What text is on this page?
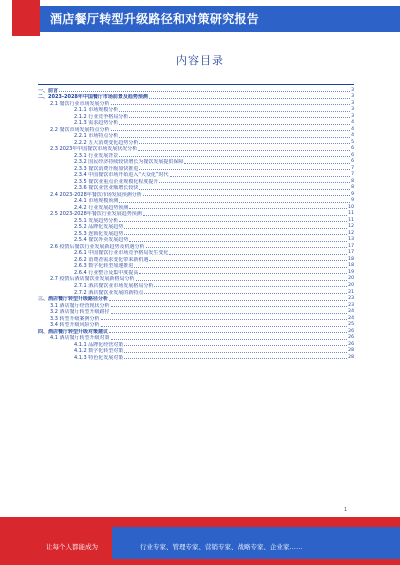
酒店餐厅转型升级路径和对策研究报告
内容目录
一、前言	3
二、2023-2028年中国餐厅市场前景及趋势预测	3
2.1 餐饮行业市场发展分析	3
2.1.1 市场规模分析	3
2.1.2 行业竞争格局分析	3
2.1.3 需求趋势分析	4
2.2 餐饮市场发展特点分析	4
2.2.1 市场特点分析	4
2.2.2 五大消费变化趋势分析	5
2.3 2023年中国餐饮市场发展状况分析	6
2.3.1 行业发展背景	6
2.3.2 国民经济持续较快增长为餐饮发展提供保障	6
2.3.3 餐饮消费升级加快推进	7
2.3.4 中国餐饮市场开始进入“大众化”时代	7
2.3.5 餐饮业重点企业规模化程度提升	8
2.3.6 餐饮业营业额增长较快	8
2.4 2023-2028年餐饮市场发展预测分析	9
2.4.1 市场规模预测	9
2.4.2 行业发展趋势预测	10
2.5 2023-2028年餐饮行业发展趋势预测	11
2.5.1 发展趋势分析	11
2.5.2 品牌化发展趋势	12
2.5.3 连锁化发展趋势	12
2.5.4 餐饮外卖发展趋势	13
2.6 疫情后餐饮行业发展新趋势及机遇分析	17
2.6.1 中国餐饮行业市场竞争格局发生变化	17
2.6.2 消费者需求变化带来新机遇	18
2.6.3 数字化转型加速推进	18
2.6.4 行业整合及集中度提高	19
2.7 疫情后酒店餐饮业发展新格局分析	20
2.7.1 酒店餐饮业市场发展格局分析	20
2.7.2 酒店餐饮业发展的新特点	21
三、酒店餐厅转型升级路径分析	23
3.1 酒店餐厅经营现状分析	23
3.2 酒店餐厅转型升级路径	24
3.3 转型升级案例分析	24
3.4 转型升级风险分析	25
四、酒店餐厅转型升级对策建议	26
4.1 酒店餐厅转型升级对策	26
4.1.1 品牌化经营对策	26
4.1.2 数字化转型对策	28
4.1.3 特色化发展对策	28
1
让每个人都能成为	行业专家、管理专家、营销专家、战略专家、企业家……
